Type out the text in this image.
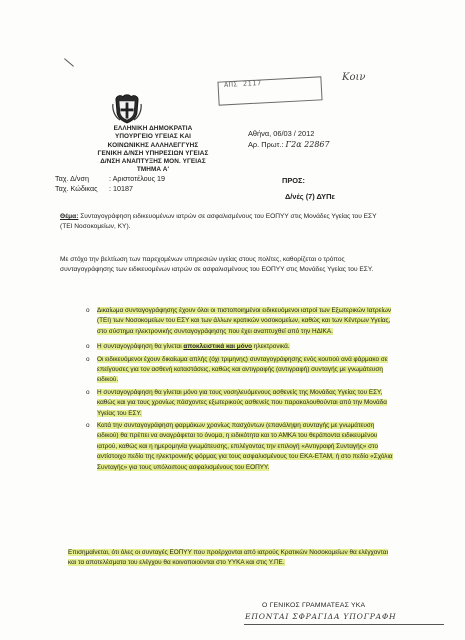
ΑΠΣ 2117
Κοιν
ΕΛΛΗΝΙΚΗ ΔΗΜΟΚΡΑΤΙΑ
ΥΠΟΥΡΓΕΙΟ ΥΓΕΙΑΣ ΚΑΙ
ΚΟΙΝΩΝΙΚΗΣ ΑΛΛΗΛΕΓΓΥΗΣ
ΓΕΝΙΚΗ Δ/ΝΣΗ ΥΠΗΡΕΣΙΩΝ ΥΓΕΙΑΣ
Δ/ΝΣΗ ΑΝΑΠΤΥΞΗΣ ΜΟΝ. ΥΓΕΙΑΣ
ΤΜΗΜΑ Α'
Αθήνα, 06/03 / 2012
Αρ. Πρωτ.: Γ2α 22867
Ταχ. Δ/νση	: Αριστοτέλους 19
Ταχ. Κώδικας : 10187
ΠΡΟΣ:
Δ/νές (7) ΔΥΠε
Θέμα: Συνταγογράφηση ειδικευομένων ιατρών σε ασφαλισμένους του ΕΟΠΥΥ στις Μονάδες Υγείας του ΕΣΥ (ΤΕΙ Νοσοκομείων, ΚΥ).
Με στόχο την βελτίωση των παρεχομένων υπηρεσιών υγείας στους πολίτες, καθορίζεται ο τρόπος συνταγογράφησης των ειδικευομένων ιατρών σε ασφαλισμένους του ΕΟΠΥΥ στις Μονάδες Υγείας του ΕΣΥ.
o Δικαίωμα συνταγογράφησης έχουν όλοι οι πιστοποιημένοι ειδικευόμενοι ιατροί των Εξωτερικών Ιατρείων (ΤΕΙ) των Νοσοκομείων του ΕΣΥ και των άλλων κρατικών νοσοκομείων, καθώς και των Κέντρων Υγείας, στο σύστημα ηλεκτρονικής συνταγογράφησης που έχει αναπτυχθεί από την ΗΔΙΚΑ.
o Η συνταγογράφηση θα γίνεται αποκλειστικά και μόνο ηλεκτρονικά.
o Οι ειδικευόμενοι έχουν δικαίωμα απλής (όχι τριμηνης) συνταγογράφησης ενός κουτιού ανά φάρμακο σε επείγουσες για τον ασθενή καταστάσεις, καθώς και αντιγραφής (αντιγραφή) συνταγής με γνωμάτευση ειδικού.
o Η συνταγογράφηση θα γίνεται μόνο για τους νοσηλευόμενους ασθενείς της Μονάδας Υγείας του ΕΣΥ, καθώς και για τους χρονίως πάσχοντες εξωτερικούς ασθενείς που παρακολουθούνται από την Μονάδα Υγείας του ΕΣΥ.
o Κατά την συνταγογράφηση φαρμάκων χρονίως πασχόντων (επανάληψη συνταγής με γνωμάτευση ειδικού) θα πρέπει να αναγράφεται το όνομα, η ειδικότητα και το ΑΜΚΑ του θεράποντα ειδικευμένου ιατρού, καθώς και η ημερομηνία γνωμάτευσης, επιλέγοντας την επιλογή «Αντιγραφή Συνταγής» στο αντίστοιχο πεδίο της ηλεκτρονικής φόρμας για τους ασφαλισμένους του ΕΚΑ-ΕΤΑΜ, ή στο πεδίο «Σχόλια Συνταγής» για τους υπόλοιπους ασφαλισμένους του ΕΟΠΥΥ.
Επισημαίνεται, ότι όλες οι συνταγές ΕΟΠΥΥ που προέρχονται από ιατρούς Κρατικών Νοσοκομείων θα ελέγχονται και τα αποτελέσματα του ελέγχου θα κοινοποιούνται στο ΥΥΚΑ και στις Υ.ΠΕ.
Ο ΓΕΝΙΚΟΣ ΓΡΑΜΜΑΤΕΑΣ ΥΚΑ
ΕΠΟΝΤΑΙ ΣΦΡΑΓΙΔΑ ΥΠΟΓΡΑΦΗ
